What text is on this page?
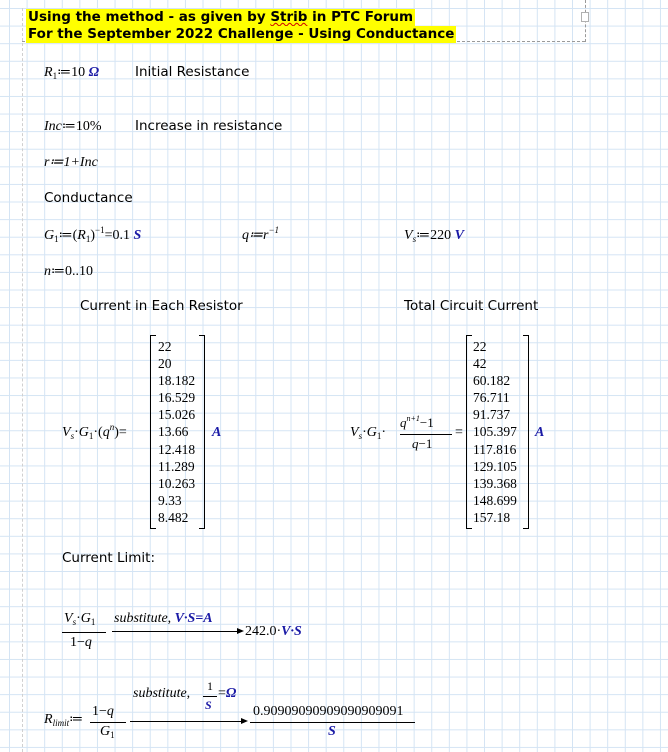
Using the method - as given by Strib in PTC Forum
For the September 2022 Challenge - Using Conductance
$R_1≔10$ Ω	Initial Resistance
Inc≔10% Increase in resistance
r≔1+Inc
Conductance
$G_1≔(R_1)^{-1}=0.1$ S	$q≔r^{-1}$	$V_s≔220$ V
n≔0..10
Current in Each Resistor	Total Circuit Current
$V_s\cdot G_1\cdot(q^n)=$
22
20
18.182
16.529
15.026
13.66
12.418
11.289
10.263
9.33
8.482
A	$V_s\cdot G_1\cdot$
$q^{n+1}-1$
q−1
=
22
42
60.182
76.711
91.737
105.397
117.816
129.105
139.368
148.699
157.18
A
Current Limit:
$V_s\cdot G_1$
1−q
substitute, V·S=A
242.0·V·S
$R_{limit}≔$
1−q
$G_1$
substitute, 1
S
=Ω
0.90909090909090909091
S
